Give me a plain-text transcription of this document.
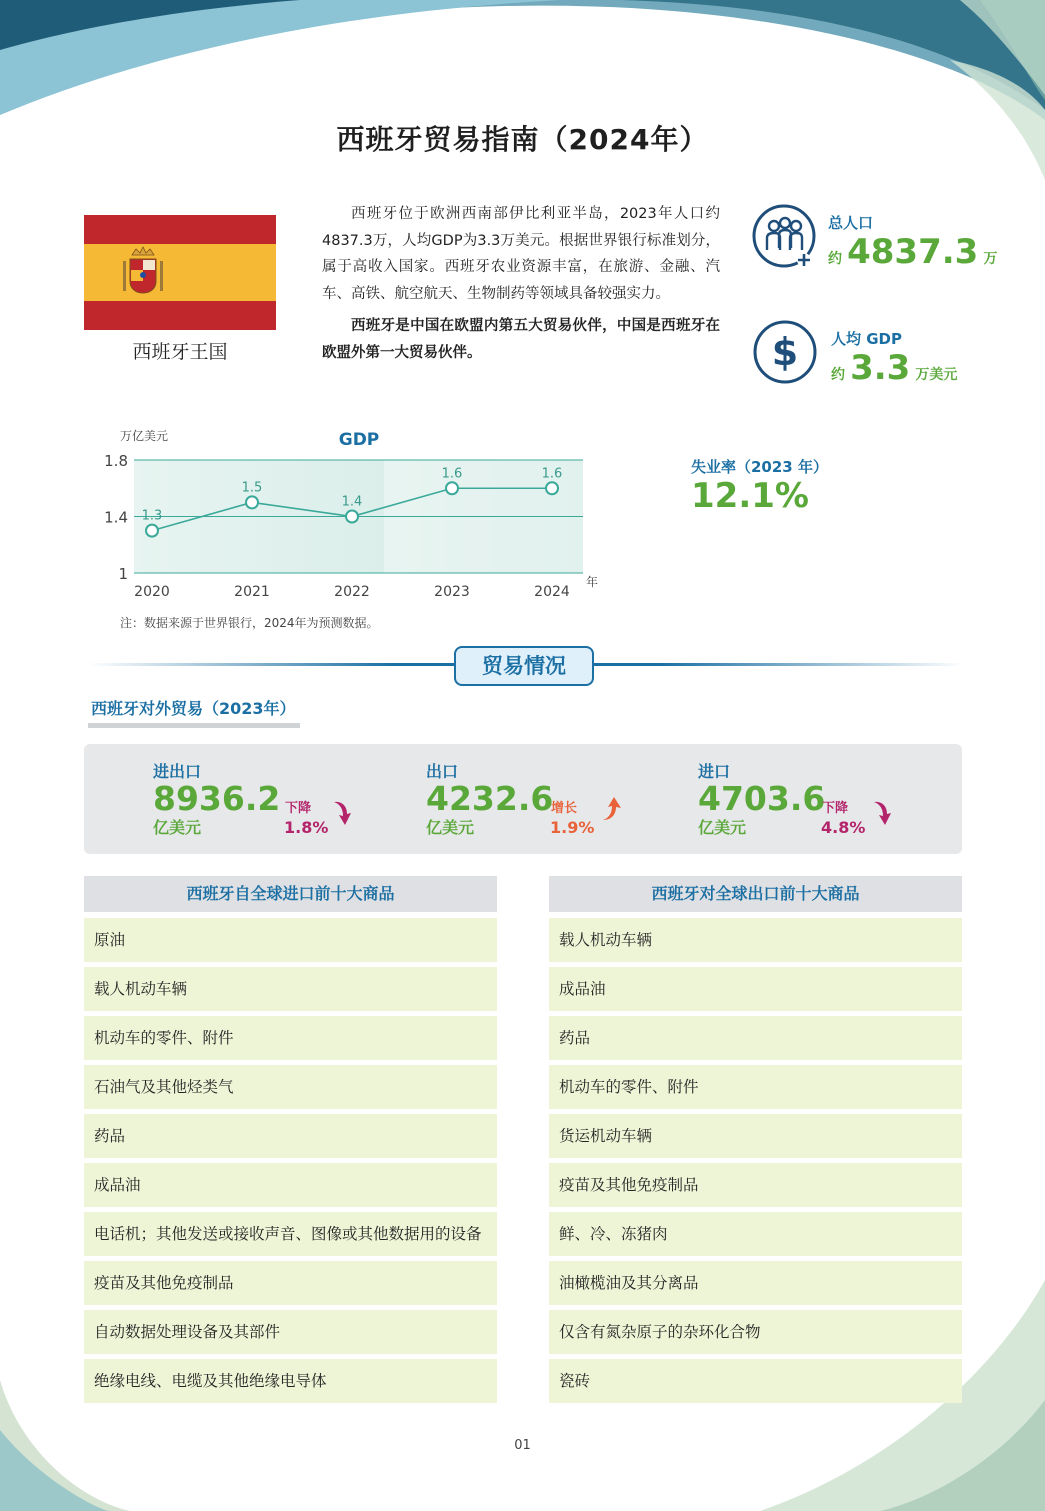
西班牙贸易指南（2024年）
西班牙王国

西班牙位于欧洲西南部伊比利亚半岛，2023年人口约4837.3万，人均GDP为3.3万美元。根据世界银行标准划分，属于高收入国家。西班牙农业资源丰富，在旅游、金融、汽车、高铁、航空航天、生物制药等领域具备较强实力。

西班牙是中国在欧盟内第五大贸易伙伴，中国是西班牙在欧盟外第一大贸易伙伴。

总人口
约 4837.3 万
$ 人均 GDP
约 3.3 万美元
失业率（2023 年）
12.1%
1
1.4
1.8
万亿美元	GDP
年
1.3
2020
1.5
2021
1.4
2022
1.6
2023
1.6
2024
注：数据来源于世界银行，2024年为预测数据。
贸易情况
西班牙对外贸易（2023年）
进出口
8936.2
亿美元
下降
1.8%
出口
4232.6
亿美元
增长
1.9%
进口
4703.6
亿美元
下降
4.8%
西班牙自全球进口前十大商品
原油
载人机动车辆
机动车的零件、附件
石油气及其他烃类气
药品
成品油
电话机；其他发送或接收声音、图像或其他数据用的设备
疫苗及其他免疫制品
自动数据处理设备及其部件
绝缘电线、电缆及其他绝缘电导体
西班牙对全球出口前十大商品
载人机动车辆
成品油
药品
机动车的零件、附件
货运机动车辆
疫苗及其他免疫制品
鲜、冷、冻猪肉
油橄榄油及其分离品
仅含有氮杂原子的杂环化合物
瓷砖
01
